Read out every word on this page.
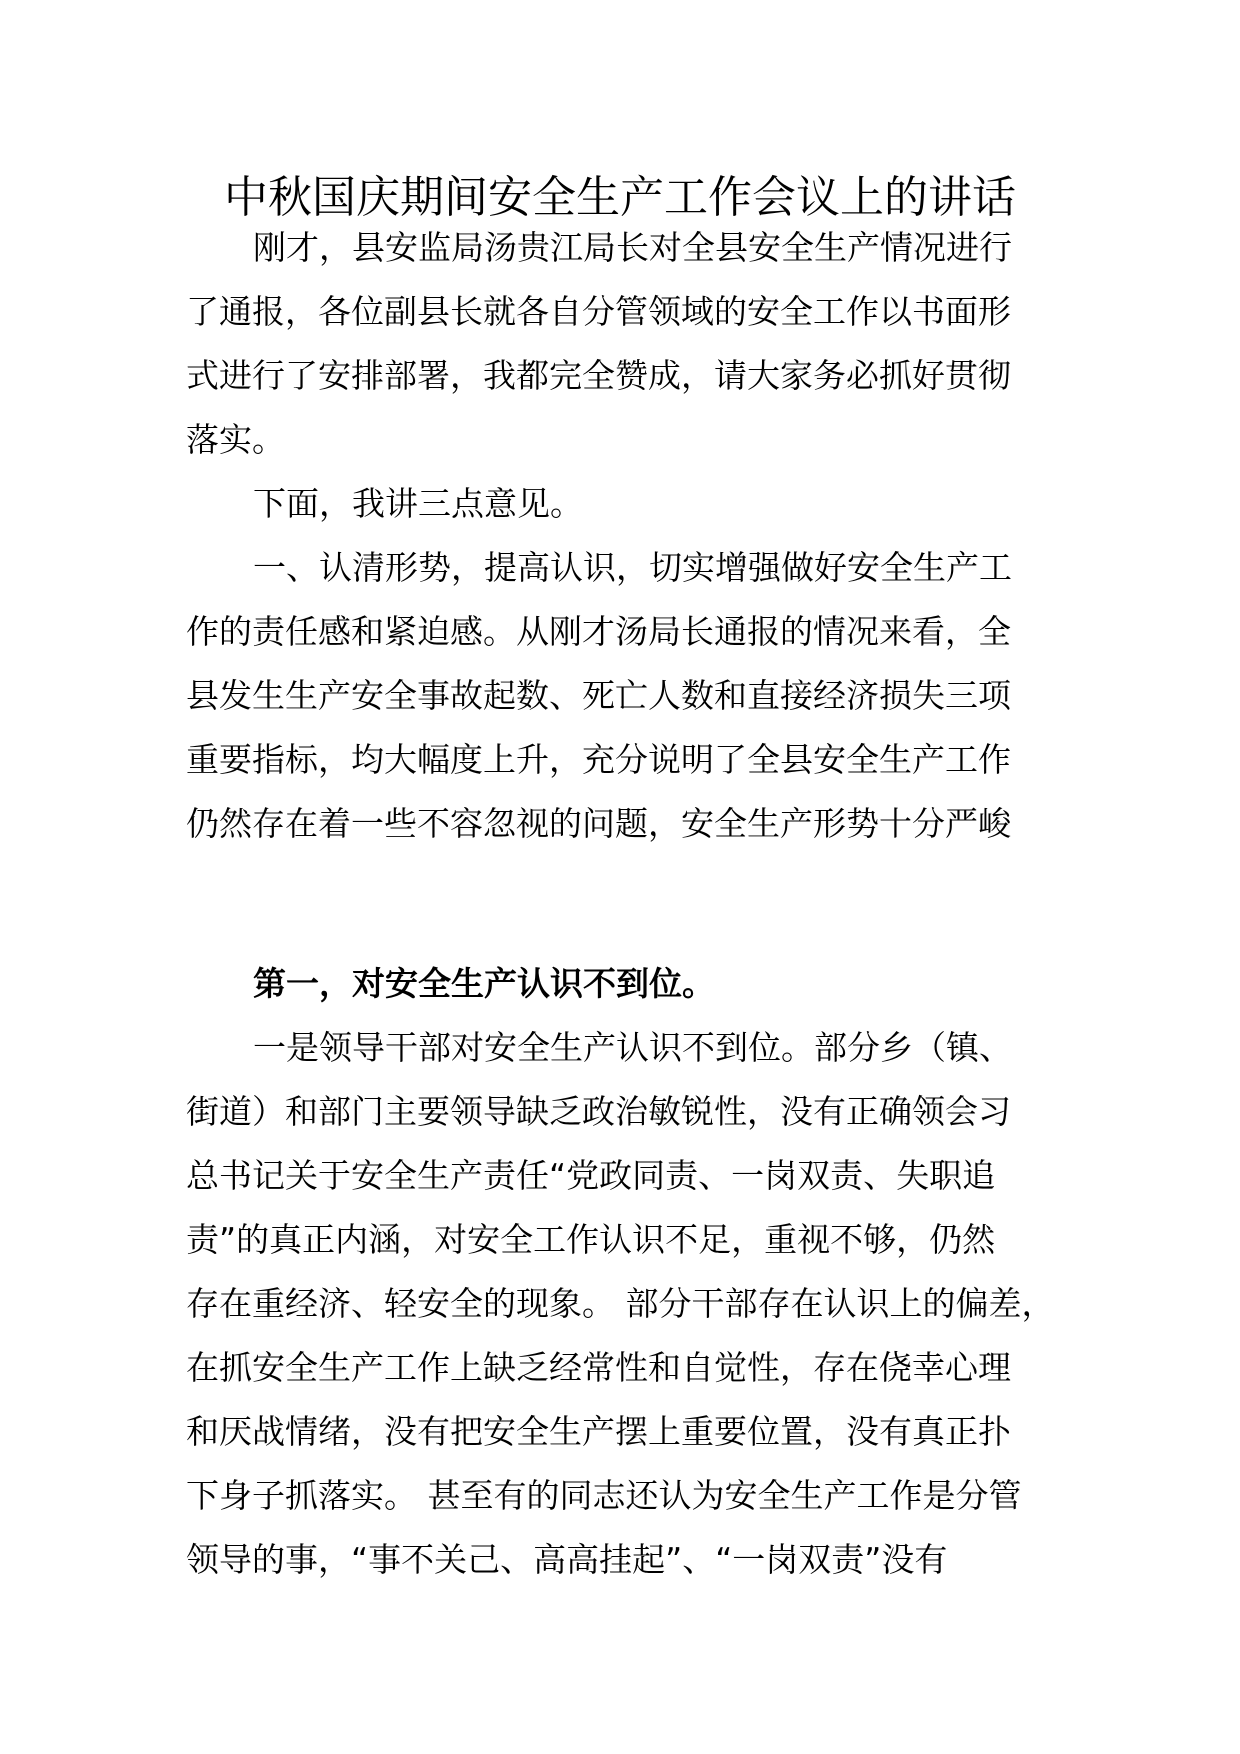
中秋国庆期间安全生产工作会议上的讲话
刚才，县安监局汤贵江局长对全县安全生产情况进行
了通报，各位副县长就各自分管领域的安全工作以书面形
式进行了安排部署，我都完全赞成，请大家务必抓好贯彻
落实。
下面，我讲三点意见。
一、认清形势，提高认识，切实增强做好安全生产工
作的责任感和紧迫感。从刚才汤局长通报的情况来看，全
县发生生产安全事故起数、死亡人数和直接经济损失三项
重要指标，均大幅度上升，充分说明了全县安全生产工作
仍然存在着一些不容忽视的问题，安全生产形势十分严峻
第一，对安全生产认识不到位。
一是领导干部对安全生产认识不到位。部分乡（镇、
街道）和部门主要领导缺乏政治敏锐性，没有正确领会习
总书记关于安全生产责任“党政同责、一岗双责、失职追
责”的真正内涵，对安全工作认识不足，重视不够，仍然
存在重经济、轻安全的现象。 部分干部存在认识上的偏差，
在抓安全生产工作上缺乏经常性和自觉性，存在侥幸心理
和厌战情绪，没有把安全生产摆上重要位置，没有真正扑
下身子抓落实。 甚至有的同志还认为安全生产工作是分管
领导的事，“事不关己、高高挂起”、“一岗双责”没有
